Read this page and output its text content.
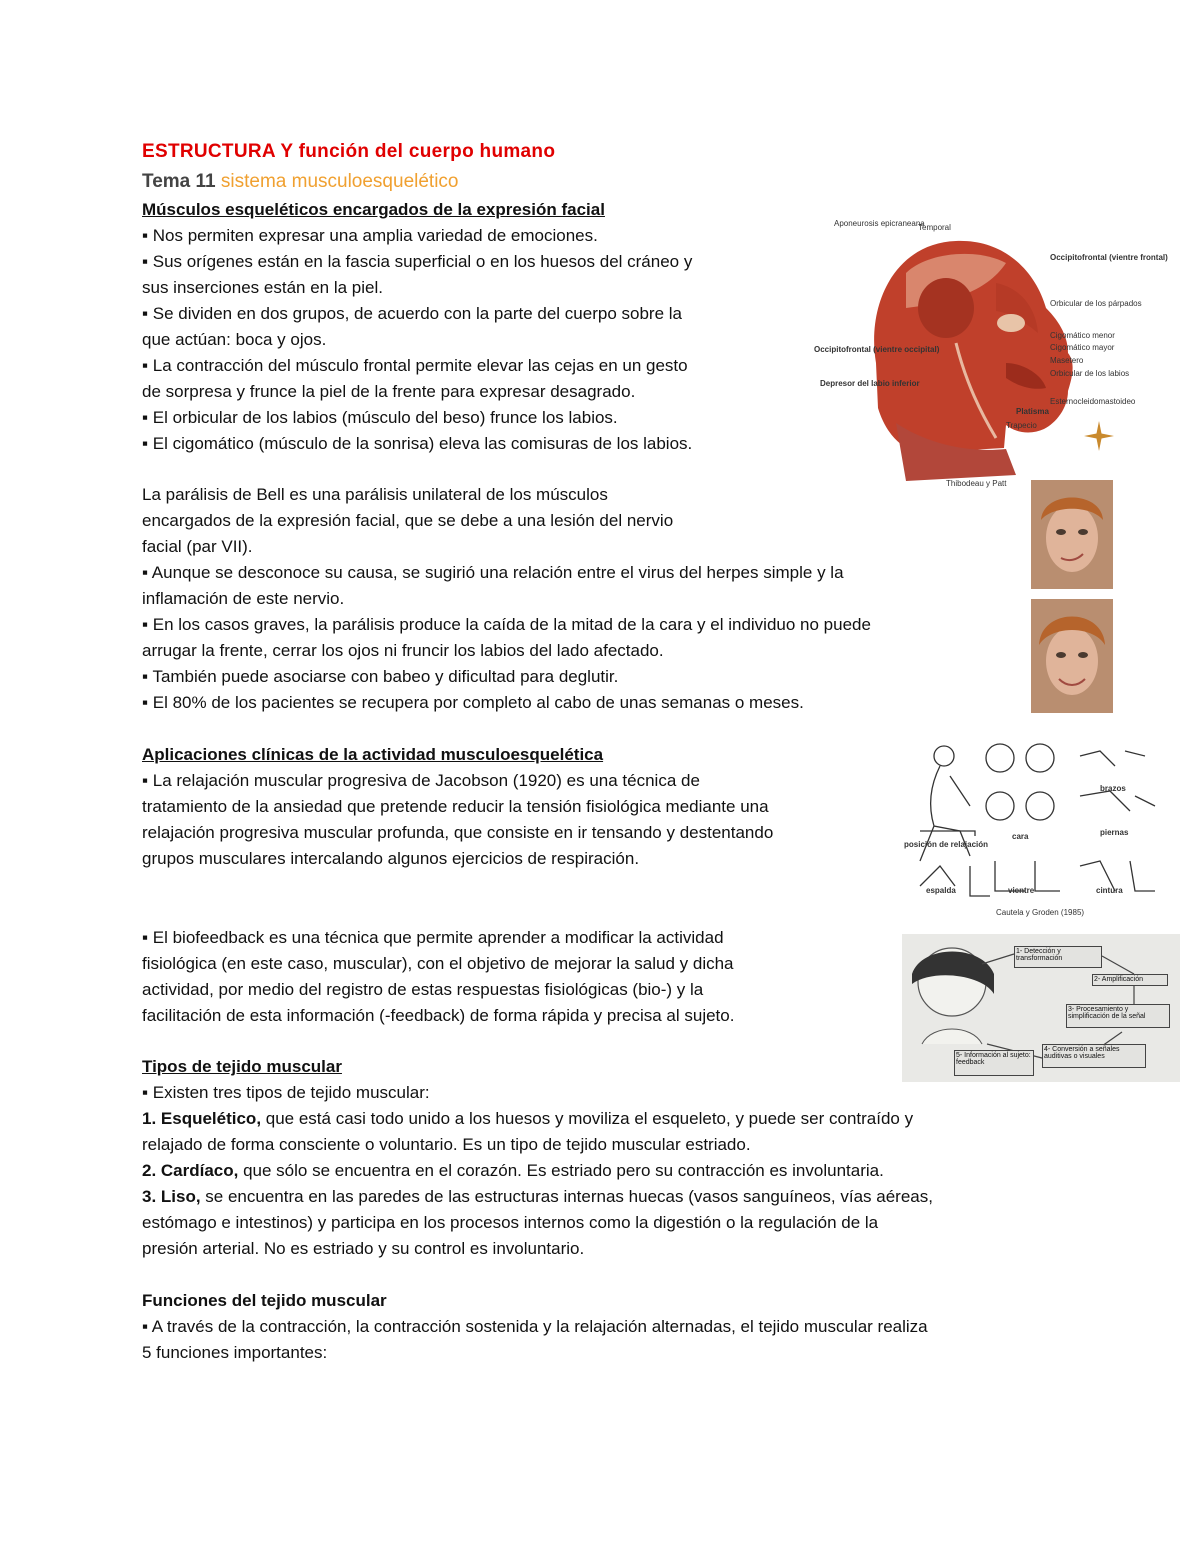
ESTRUCTURA Y función del cuerpo humano
Tema 11 sistema musculoesquelético
Músculos esqueléticos encargados de la expresión facial
▪ Nos permiten expresar una amplia variedad de emociones.
▪ Sus orígenes están en la fascia superficial o en los huesos del cráneo y
sus inserciones están en la piel.
▪ Se dividen en dos grupos, de acuerdo con la parte del cuerpo sobre la
que actúan: boca y ojos.
▪ La contracción del músculo frontal permite elevar las cejas en un gesto
de sorpresa y frunce la piel de la frente para expresar desagrado.
▪ El orbicular de los labios (músculo del beso) frunce los labios.
▪ El cigomático (músculo de la sonrisa) eleva las comisuras de los labios.
La parálisis de Bell es una parálisis unilateral de los músculos
encargados de la expresión facial, que se debe a una lesión del nervio
facial (par VII).
▪ Aunque se desconoce su causa, se sugirió una relación entre el virus del herpes simple y la
inflamación de este nervio.
▪ En los casos graves, la parálisis produce la caída de la mitad de la cara y el individuo no puede
arrugar la frente, cerrar los ojos ni fruncir los labios del lado afectado.
▪ También puede asociarse con babeo y dificultad para deglutir.
▪ El 80% de los pacientes se recupera por completo al cabo de unas semanas o meses.
Aplicaciones clínicas de la actividad musculoesquelética
▪ La relajación muscular progresiva de Jacobson (1920) es una técnica de
tratamiento de la ansiedad que pretende reducir la tensión fisiológica mediante una
relajación progresiva muscular profunda, que consiste en ir tensando y destentando
grupos musculares intercalando algunos ejercicios de respiración.
▪ El biofeedback es una técnica que permite aprender a modificar la actividad
fisiológica (en este caso, muscular), con el objetivo de mejorar la salud y dicha
actividad, por medio del registro de estas respuestas fisiológicas (bio-) y la
facilitación de esta información (-feedback) de forma rápida y precisa al sujeto.
Tipos de tejido muscular
▪ Existen tres tipos de tejido muscular:
1. Esquelético, que está casi todo unido a los huesos y moviliza el esqueleto, y puede ser contraído y
relajado de forma consciente o voluntario. Es un tipo de tejido muscular estriado.
2. Cardíaco, que sólo se encuentra en el corazón. Es estriado pero su contracción es involuntaria.
3. Liso, se encuentra en las paredes de las estructuras internas huecas (vasos sanguíneos, vías aéreas,
estómago e intestinos) y participa en los procesos internos como la digestión o la regulación de la
presión arterial. No es estriado y su control es involuntario.
Funciones del tejido muscular
▪ A través de la contracción, la contracción sostenida y la relajación alternadas, el tejido muscular realiza
5 funciones importantes:
Aponeurosis epicraneana
Temporal
Occipitofrontal (vientre frontal)
Orbicular de los párpados
Cigomático menor
Cigomático mayor
Masetero
Orbicular de los labios
Esternocleidomastoideo
Platisma
Trapecio
Occipitofrontal (vientre occipital)
Depresor del labio inferior
Thibodeau y Patt
brazos
cara	piernas
posición de relajación
espalda	vientre	cintura
Cautela y Groden (1985)
1- Detección y transformación
2- Amplificación
3- Procesamiento y simplificación de la señal
4- Conversión a señales auditivas o visuales
5- Información al sujeto: feedback
